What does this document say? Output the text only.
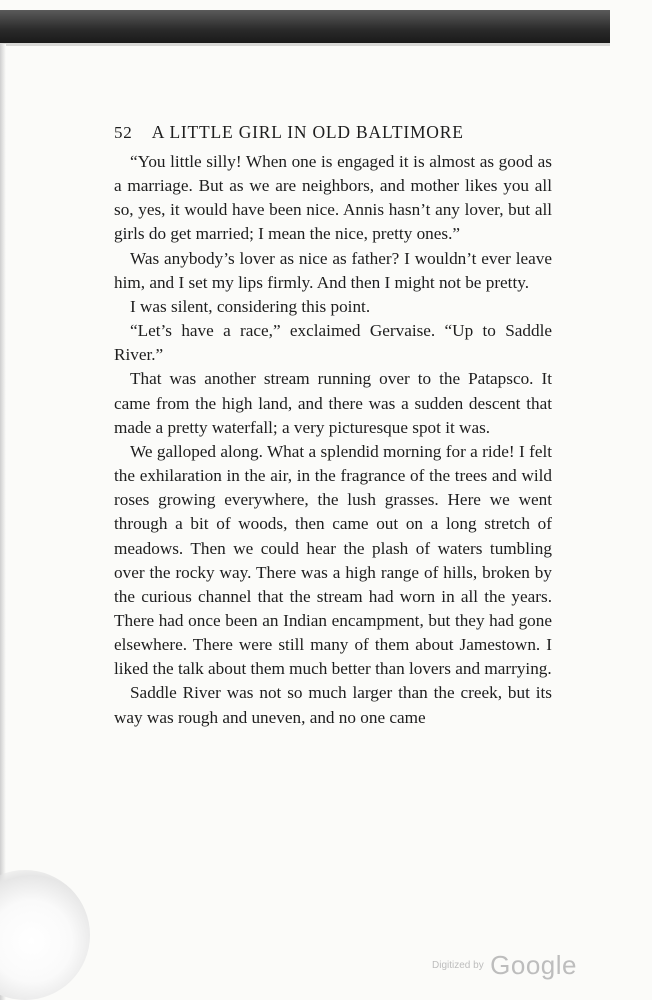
52 A LITTLE GIRL IN OLD BALTIMORE

“You little silly! When one is engaged it is almost as good as a marriage. But as we are neighbors, and mother likes you all so, yes, it would have been nice. Annis hasn’t any lover, but all girls do get married; I mean the nice, pretty ones.”

Was anybody’s lover as nice as father? I wouldn’t ever leave him, and I set my lips firmly. And then I might not be pretty.

I was silent, considering this point.

“Let’s have a race,” exclaimed Gervaise. “Up to Saddle River.”

That was another stream running over to the Patapsco. It came from the high land, and there was a sudden descent that made a pretty waterfall; a very picturesque spot it was.

We galloped along. What a splendid morning for a ride! I felt the exhilaration in the air, in the fragrance of the trees and wild roses growing everywhere, the lush grasses. Here we went through a bit of woods, then came out on a long stretch of meadows. Then we could hear the plash of waters tumbling over the rocky way. There was a high range of hills, broken by the curious channel that the stream had worn in all the years. There had once been an Indian encampment, but they had gone elsewhere. There were still many of them about Jamestown. I liked the talk about them much better than lovers and marrying.

Saddle River was not so much larger than the creek, but its way was rough and uneven, and no one came

Digitized by Google
